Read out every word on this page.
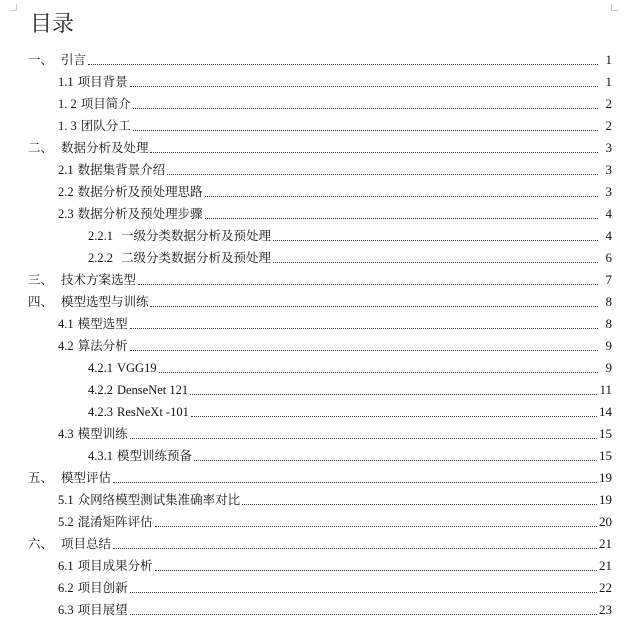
目录
一、 引言	1
1.1 项目背景	1
1. 2 项目简介	2
1. 3 团队分工	2
二、 数据分析及处理	3
2.1 数据集背景介绍	3
2.2 数据分析及预处理思路	3
2.3 数据分析及预处理步骤	4
2.2.1 一级分类数据分析及预处理	4
2.2.2 二级分类数据分析及预处理	6
三、 技术方案选型	7
四、 模型选型与训练	8
4.1 模型选型	8
4.2 算法分析	9
4.2.1 VGG19	9
4.2.2 DenseNet 121	11
4.2.3 ResNeXt -101	14
4.3 模型训练	15
4.3.1 模型训练预备	15
五、 模型评估	19
5.1 众网络模型测试集准确率对比	19
5.2 混淆矩阵评估	20
六、 项目总结	21
6.1 项目成果分析	21
6.2 项目创新	22
6.3 项目展望	23
